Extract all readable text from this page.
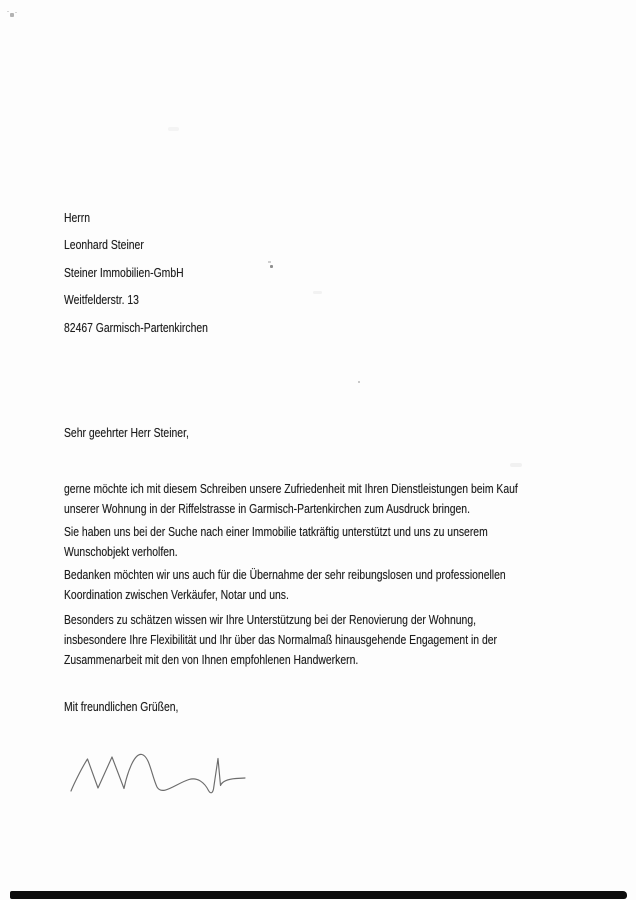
Herrn
Leonhard Steiner
Steiner Immobilien-GmbH
Weitfelderstr. 13
82467 Garmisch-Partenkirchen

Sehr geehrter Herr Steiner,

gerne möchte ich mit diesem Schreiben unsere Zufriedenheit mit Ihren Dienstleistungen beim Kauf
unserer Wohnung in der Riffelstrasse in Garmisch-Partenkirchen zum Ausdruck bringen.
Sie haben uns bei der Suche nach einer Immobilie tatkräftig unterstützt und uns zu unserem
Wunschobjekt verholfen.
Bedanken möchten wir uns auch für die Übernahme der sehr reibungslosen und professionellen
Koordination zwischen Verkäufer, Notar und uns.
Besonders zu schätzen wissen wir Ihre Unterstützung bei der Renovierung der Wohnung,
insbesondere Ihre Flexibilität und Ihr über das Normalmaß hinausgehende Engagement in der
Zusammenarbeit mit den von Ihnen empfohlenen Handwerkern.

Mit freundlichen Grüßen,
